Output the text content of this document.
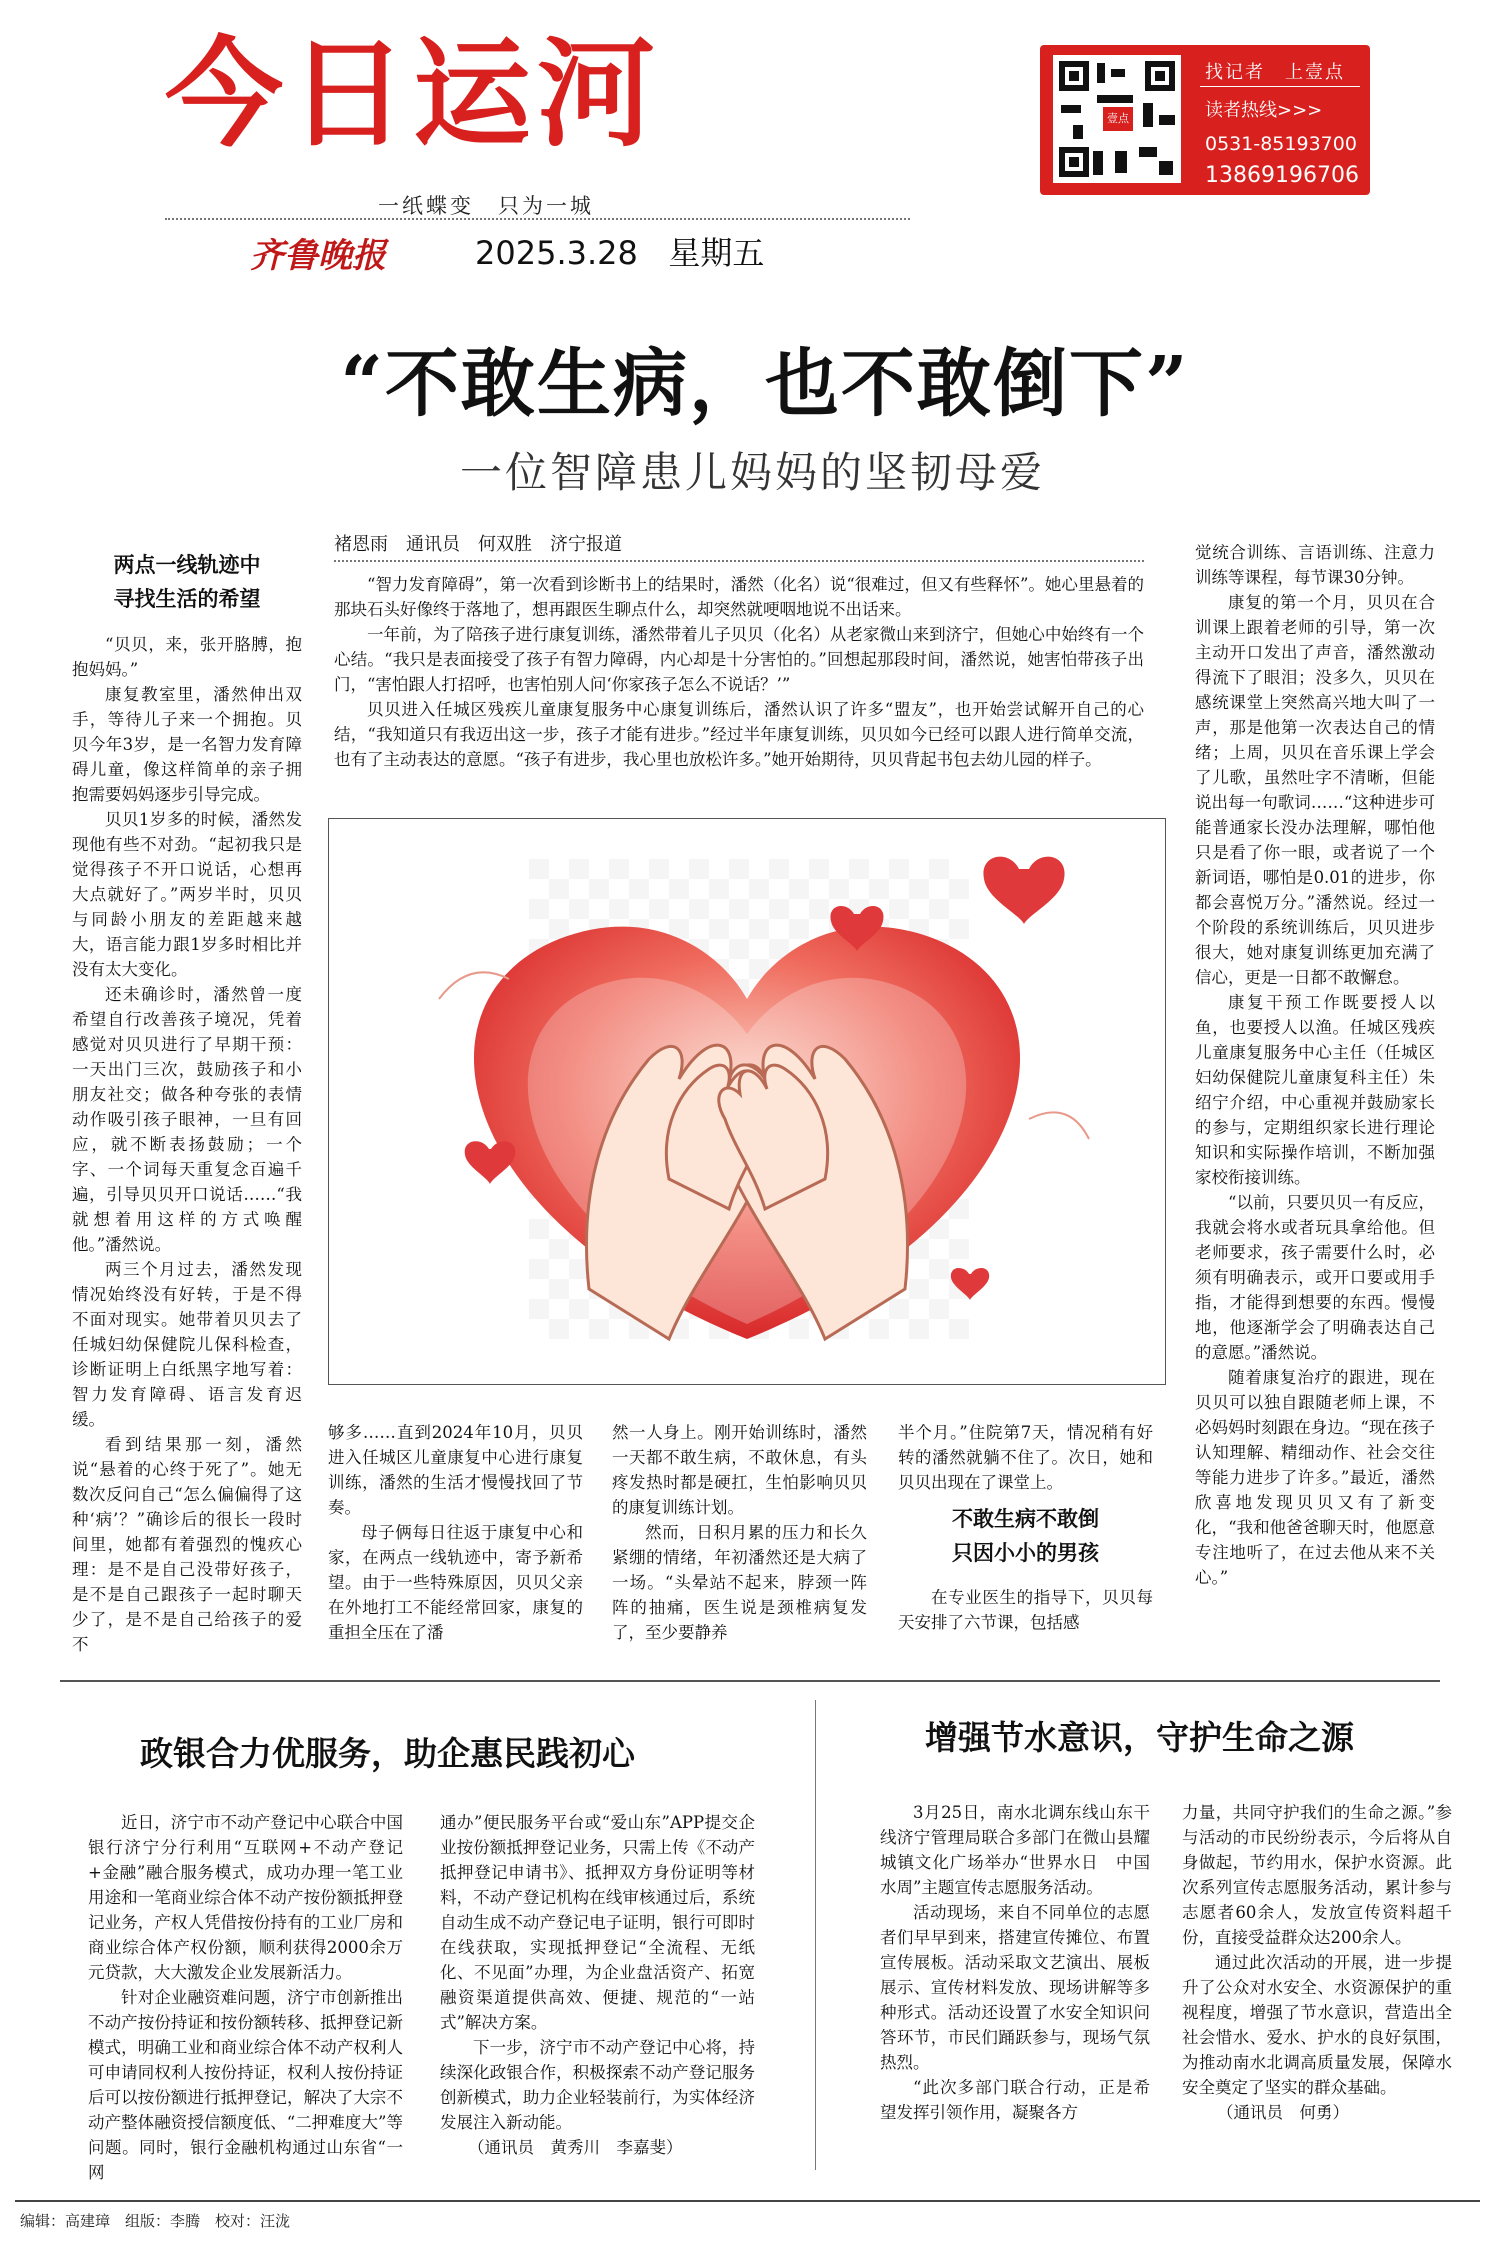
今日运河
一纸蝶变　只为一城
齐鲁晚报	2025.3.28 星期五
壹点
找记者　上壹点
读者热线>>>
0531-85193700
13869196706
“不敢生病，也不敢倒下”
一位智障患儿妈妈的坚韧母爱
褚恩雨　通讯员　何双胜　济宁报道

“智力发育障碍”，第一次看到诊断书上的结果时，潘然（化名）说“很难过，但又有些释怀”。她心里悬着的那块石头好像终于落地了，想再跟医生聊点什么，却突然就哽咽地说不出话来。

一年前，为了陪孩子进行康复训练，潘然带着儿子贝贝（化名）从老家微山来到济宁，但她心中始终有一个心结。“我只是表面接受了孩子有智力障碍，内心却是十分害怕的。”回想起那段时间，潘然说，她害怕带孩子出门，“害怕跟人打招呼，也害怕别人问‘你家孩子怎么不说话？’”

贝贝进入任城区残疾儿童康复服务中心康复训练后，潘然认识了许多“盟友”，也开始尝试解开自己的心结，“我知道只有我迈出这一步，孩子才能有进步。”经过半年康复训练，贝贝如今已经可以跟人进行简单交流，也有了主动表达的意愿。“孩子有进步，我心里也放松许多。”她开始期待，贝贝背起书包去幼儿园的样子。

两点一线轨迹中
寻找生活的希望

“贝贝，来，张开胳膊，抱抱妈妈。”

康复教室里，潘然伸出双手，等待儿子来一个拥抱。贝贝今年3岁，是一名智力发育障碍儿童，像这样简单的亲子拥抱需要妈妈逐步引导完成。

贝贝1岁多的时候，潘然发现他有些不对劲。“起初我只是觉得孩子不开口说话，心想再大点就好了。”两岁半时，贝贝与同龄小朋友的差距越来越大，语言能力跟1岁多时相比并没有太大变化。

还未确诊时，潘然曾一度希望自行改善孩子境况，凭着感觉对贝贝进行了早期干预：一天出门三次，鼓励孩子和小朋友社交；做各种夸张的表情动作吸引孩子眼神，一旦有回应，就不断表扬鼓励；一个字、一个词每天重复念百遍千遍，引导贝贝开口说话……“我就想着用这样的方式唤醒他。”潘然说。

两三个月过去，潘然发现情况始终没有好转，于是不得不面对现实。她带着贝贝去了任城妇幼保健院儿保科检查，诊断证明上白纸黑字地写着：智力发育障碍、语言发育迟缓。

看到结果那一刻，潘然说“悬着的心终于死了”。她无数次反问自己“怎么偏偏得了这种‘病’？”确诊后的很长一段时间里，她都有着强烈的愧疚心理：是不是自己没带好孩子，是不是自己跟孩子一起时聊天少了，是不是自己给孩子的爱不

觉统合训练、言语训练、注意力训练等课程，每节课30分钟。

康复的第一个月，贝贝在合训课上跟着老师的引导，第一次主动开口发出了声音，潘然激动得流下了眼泪；没多久，贝贝在感统课堂上突然高兴地大叫了一声，那是他第一次表达自己的情绪；上周，贝贝在音乐课上学会了儿歌，虽然吐字不清晰，但能说出每一句歌词……“这种进步可能普通家长没办法理解，哪怕他只是看了你一眼，或者说了一个新词语，哪怕是0.01的进步，你都会喜悦万分。”潘然说。经过一个阶段的系统训练后，贝贝进步很大，她对康复训练更加充满了信心，更是一日都不敢懈怠。

康复干预工作既要授人以鱼，也要授人以渔。任城区残疾儿童康复服务中心主任（任城区妇幼保健院儿童康复科主任）朱绍宁介绍，中心重视并鼓励家长的参与，定期组织家长进行理论知识和实际操作培训，不断加强家校衔接训练。

“以前，只要贝贝一有反应，我就会将水或者玩具拿给他。但老师要求，孩子需要什么时，必须有明确表示，或开口要或用手指，才能得到想要的东西。慢慢地，他逐渐学会了明确表达自己的意愿。”潘然说。

随着康复治疗的跟进，现在贝贝可以独自跟随老师上课，不必妈妈时刻跟在身边。“现在孩子认知理解、精细动作、社会交往等能力进步了许多。”最近，潘然欣喜地发现贝贝又有了新变化，“我和他爸爸聊天时，他愿意专注地听了，在过去他从来不关心。”

够多……直到2024年10月，贝贝进入任城区儿童康复中心进行康复训练，潘然的生活才慢慢找回了节奏。

母子俩每日往返于康复中心和家，在两点一线轨迹中，寄予新希望。由于一些特殊原因，贝贝父亲在外地打工不能经常回家，康复的重担全压在了潘

然一人身上。刚开始训练时，潘然一天都不敢生病，不敢休息，有头疼发热时都是硬扛，生怕影响贝贝的康复训练计划。

然而，日积月累的压力和长久紧绷的情绪，年初潘然还是大病了一场。“头晕站不起来，脖颈一阵阵的抽痛，医生说是颈椎病复发了，至少要静养

半个月。”住院第7天，情况稍有好转的潘然就躺不住了。次日，她和贝贝出现在了课堂上。

不敢生病不敢倒
只因小小的男孩

在专业医生的指导下，贝贝每天安排了六节课，包括感

政银合力优服务，助企惠民践初心

近日，济宁市不动产登记中心联合中国银行济宁分行利用“互联网+不动产登记+金融”融合服务模式，成功办理一笔工业用途和一笔商业综合体不动产按份额抵押登记业务，产权人凭借按份持有的工业厂房和商业综合体产权份额，顺利获得2000余万元贷款，大大激发企业发展新活力。

针对企业融资难问题，济宁市创新推出不动产按份持证和按份额转移、抵押登记新模式，明确工业和商业综合体不动产权利人可申请同权利人按份持证，权利人按份持证后可以按份额进行抵押登记，解决了大宗不动产整体融资授信额度低、“二押难度大”等问题。同时，银行金融机构通过山东省“一网

通办”便民服务平台或“爱山东”APP提交企业按份额抵押登记业务，只需上传《不动产抵押登记申请书》、抵押双方身份证明等材料，不动产登记机构在线审核通过后，系统自动生成不动产登记电子证明，银行可即时在线获取，实现抵押登记“全流程、无纸化、不见面”办理，为企业盘活资产、拓宽融资渠道提供高效、便捷、规范的“一站式”解决方案。

下一步，济宁市不动产登记中心将，持续深化政银合作，积极探索不动产登记服务创新模式，助力企业轻装前行，为实体经济发展注入新动能。

（通讯员　黄秀川　李嘉斐）
增强节水意识，守护生命之源

3月25日，南水北调东线山东干线济宁管理局联合多部门在微山县耀城镇文化广场举办“世界水日　中国水周”主题宣传志愿服务活动。

活动现场，来自不同单位的志愿者们早早到来，搭建宣传摊位、布置宣传展板。活动采取文艺演出、展板展示、宣传材料发放、现场讲解等多种形式。活动还设置了水安全知识问答环节，市民们踊跃参与，现场气氛热烈。

“此次多部门联合行动，正是希望发挥引领作用，凝聚各方

力量，共同守护我们的生命之源。”参与活动的市民纷纷表示，今后将从自身做起，节约用水，保护水资源。此次系列宣传志愿服务活动，累计参与志愿者60余人，发放宣传资料超千份，直接受益群众达200余人。

通过此次活动的开展，进一步提升了公众对水安全、水资源保护的重视程度，增强了节水意识，营造出全社会惜水、爱水、护水的良好氛围，为推动南水北调高质量发展，保障水安全奠定了坚实的群众基础。

（通讯员　何勇）
编辑：高建璋　组版：李腾　校对：汪泷
